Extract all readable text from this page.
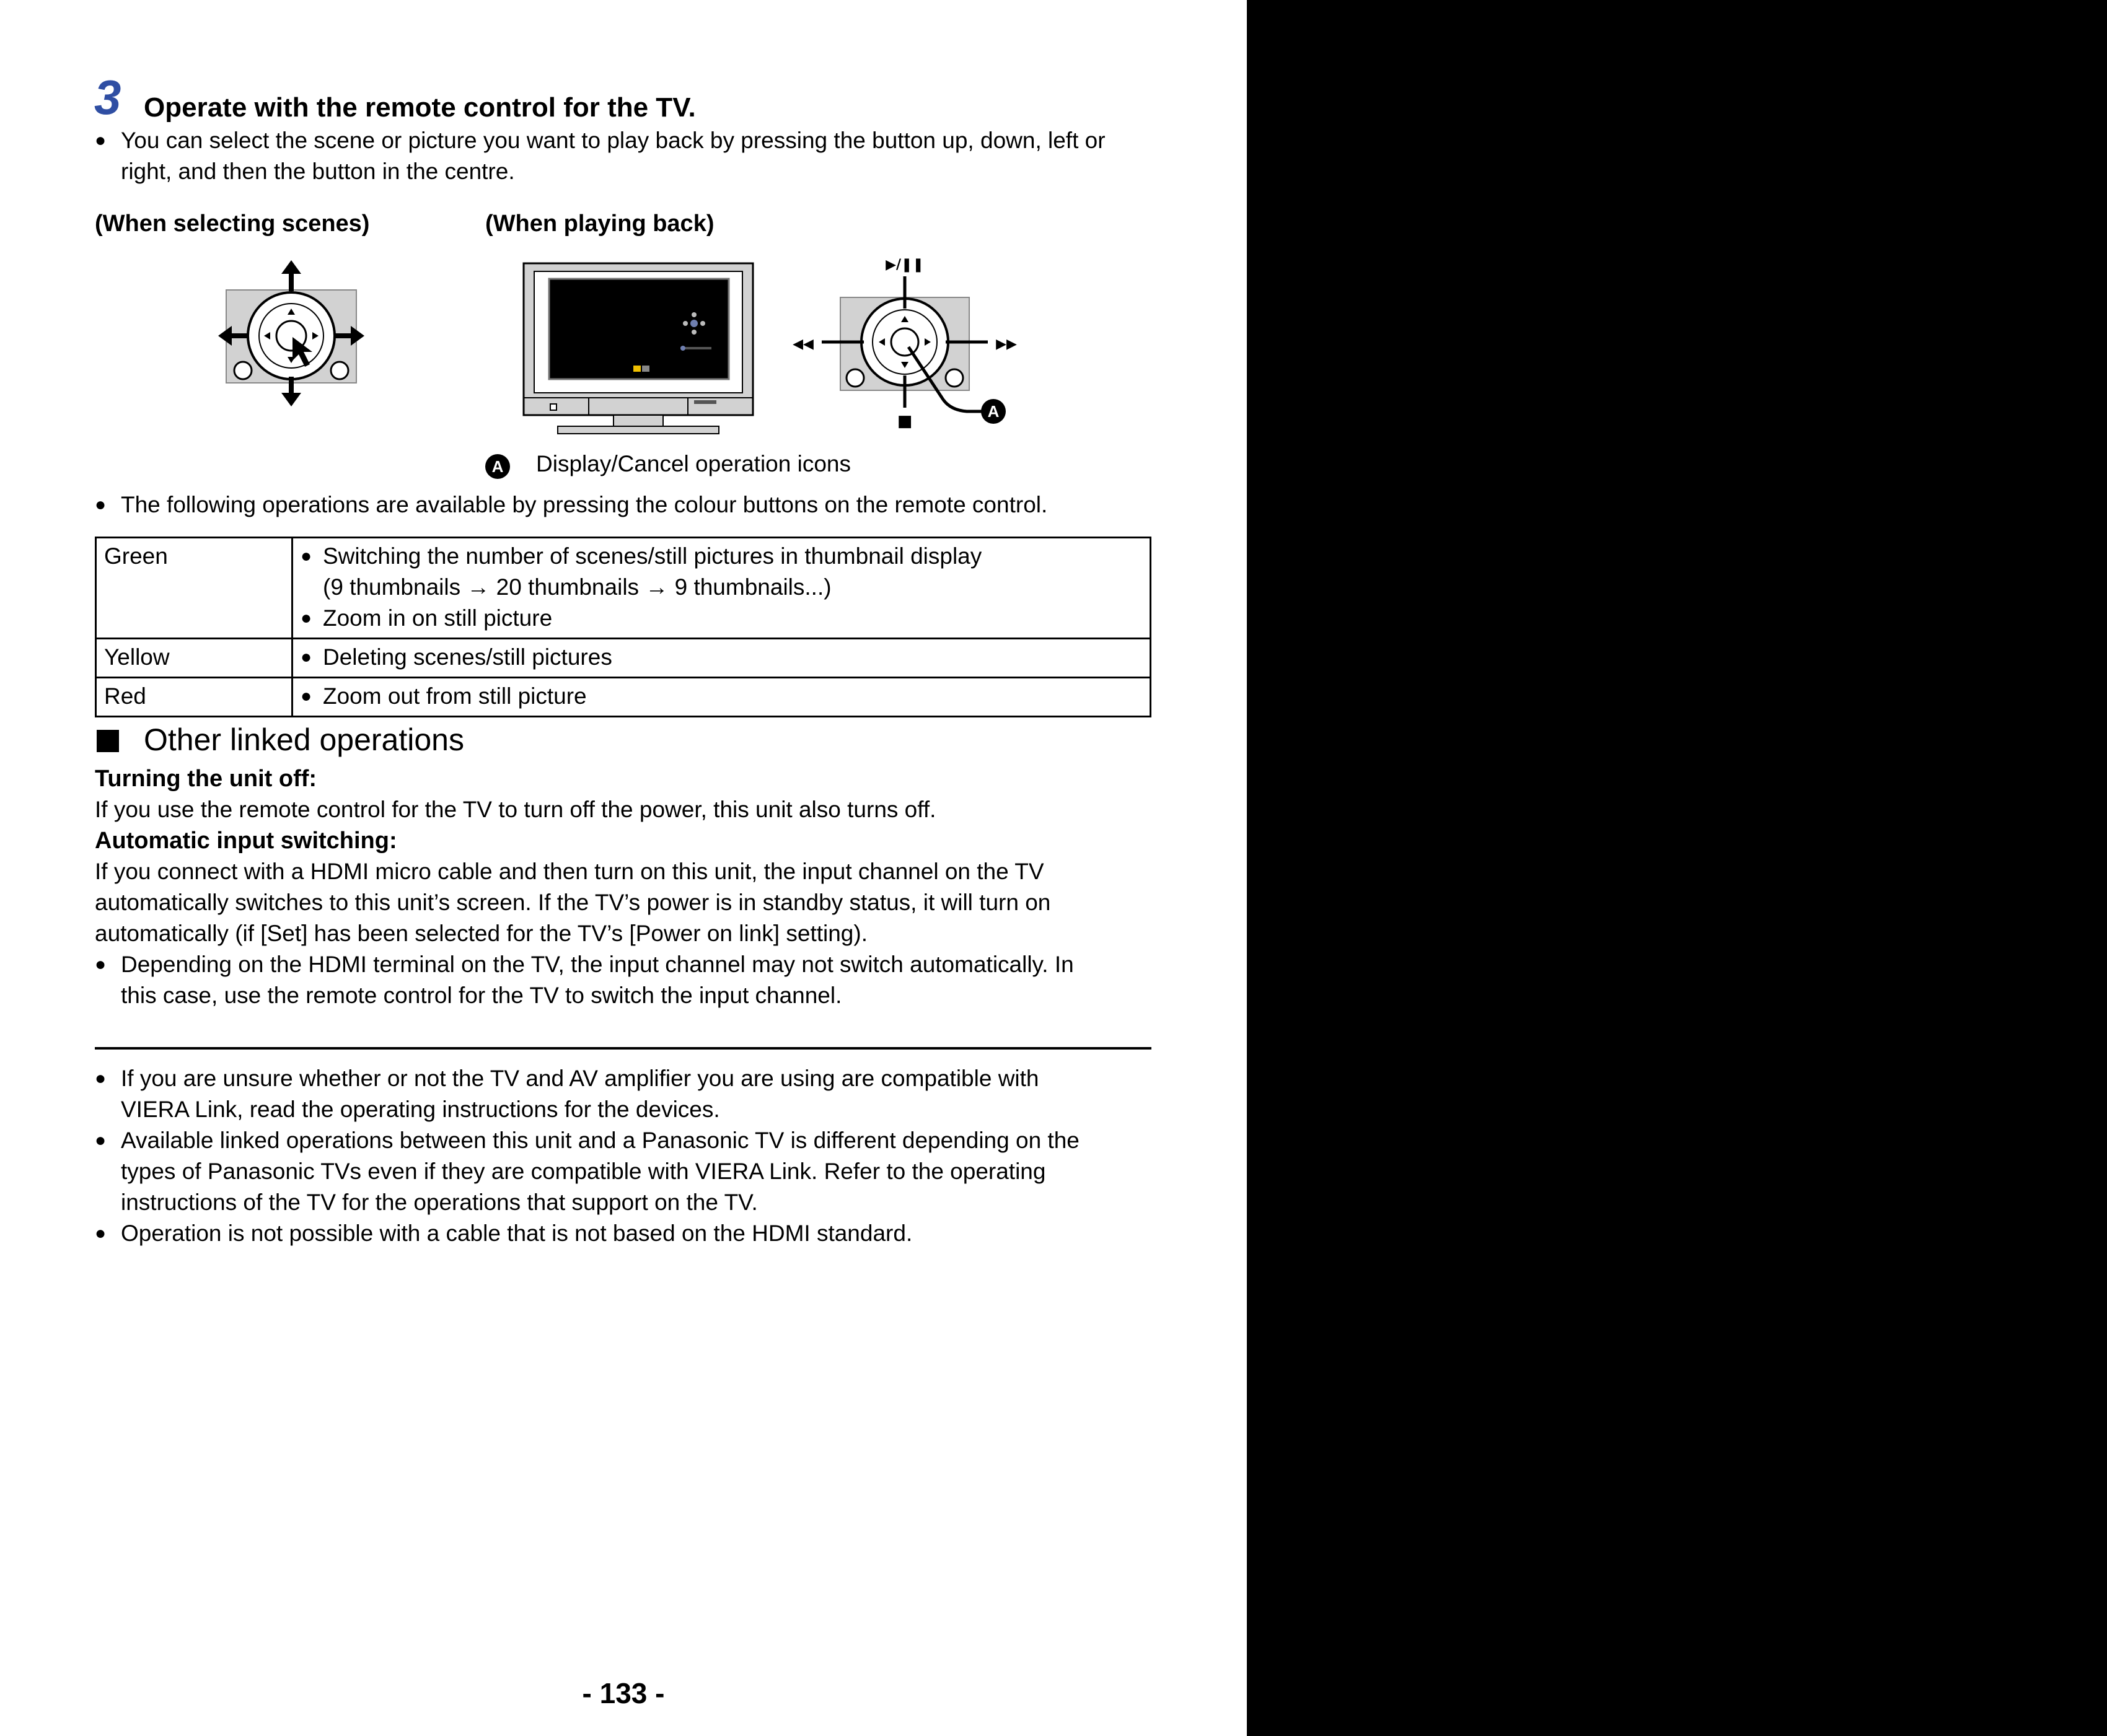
3 Operate with the remote control for the TV.
● You can select the scene or picture you want to play back by pressing the button up, down, left or
right, and then the button in the centre.
(When selecting scenes)	(When playing back)
▶/❚❚
◀◀	▶▶
■
A
A Display/Cancel operation icons
● The following operations are available by pressing the colour buttons on the remote control.
Green	● Switching the number of scenes/still pictures in thumbnail display
(9 thumbnails → 20 thumbnails → 9 thumbnails...)
● Zoom in on still picture

Yellow	● Deleting scenes/still pictures

Red	● Zoom out from still picture
Other linked operations
Turning the unit off:
If you use the remote control for the TV to turn off the power, this unit also turns off.
Automatic input switching:
If you connect with a HDMI micro cable and then turn on this unit, the input channel on the TV
automatically switches to this unit’s screen. If the TV’s power is in standby status, it will turn on
automatically (if [Set] has been selected for the TV’s [Power on link] setting).
● Depending on the HDMI terminal on the TV, the input channel may not switch automatically. In
this case, use the remote control for the TV to switch the input channel.
● If you are unsure whether or not the TV and AV amplifier you are using are compatible with
VIERA Link, read the operating instructions for the devices.
● Available linked operations between this unit and a Panasonic TV is different depending on the
types of Panasonic TVs even if they are compatible with VIERA Link. Refer to the operating
instructions of the TV for the operations that support on the TV.
● Operation is not possible with a cable that is not based on the HDMI standard.
- 133 -
